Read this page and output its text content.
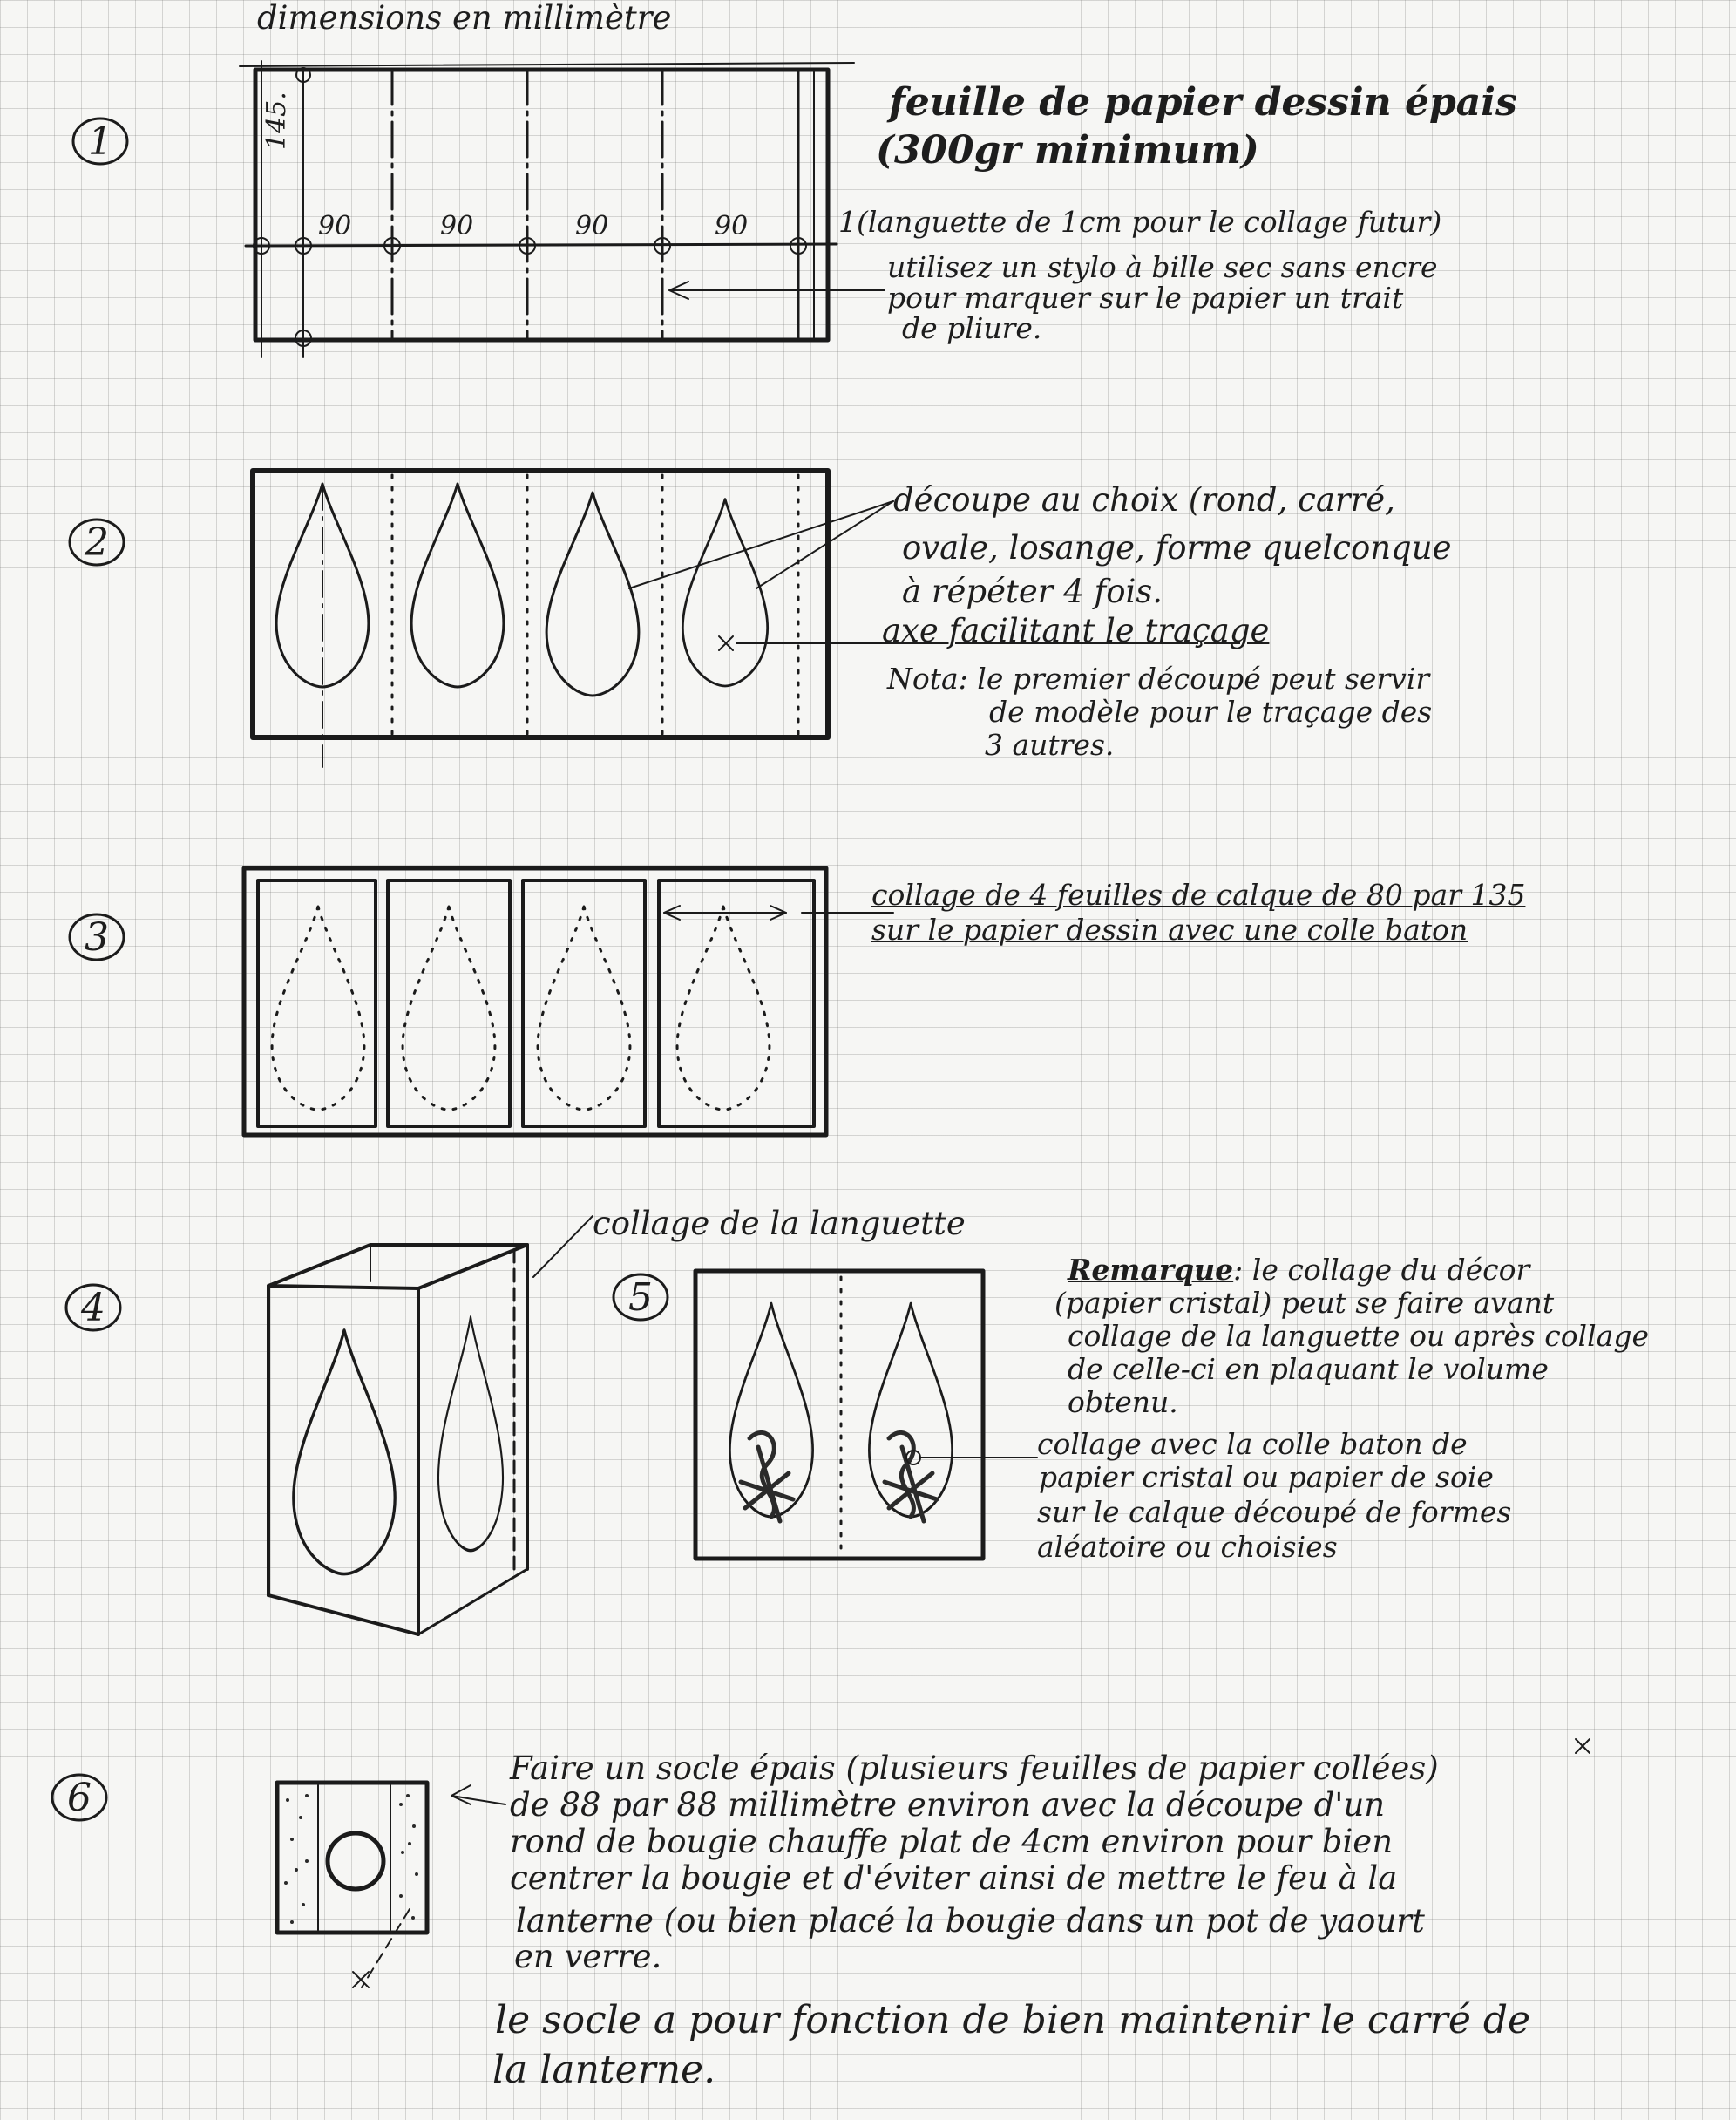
1
2
3
4	5
6
dimensions en millimètre
145.
90	90	90	90
feuille de papier dessin épais
(300gr minimum)
1(languette de 1cm pour le collage futur)
utilisez un stylo à bille sec sans encre
pour marquer sur le papier un trait
de pliure.
découpe au choix (rond, carré,
ovale, losange, forme quelconque
à répéter 4 fois.
axe facilitant le traçage
Nota: le premier découpé peut servir
de modèle pour le traçage des
3 autres.
collage de 4 feuilles de calque de 80 par 135
sur le papier dessin avec une colle baton
collage de la languette
Remarque: le collage du décor
(papier cristal) peut se faire avant
collage de la languette ou après collage
de celle-ci en plaquant le volume
obtenu.
collage avec la colle baton de
papier cristal ou papier de soie
sur le calque découpé de formes
aléatoire ou choisies
Faire un socle épais (plusieurs feuilles de papier collées)
de 88 par 88 millimètre environ avec la découpe d'un
rond de bougie chauffe plat de 4cm environ pour bien
centrer la bougie et d'éviter ainsi de mettre le feu à la
lanterne (ou bien placé la bougie dans un pot de yaourt
en verre.
le socle a pour fonction de bien maintenir le carré de
la lanterne.
